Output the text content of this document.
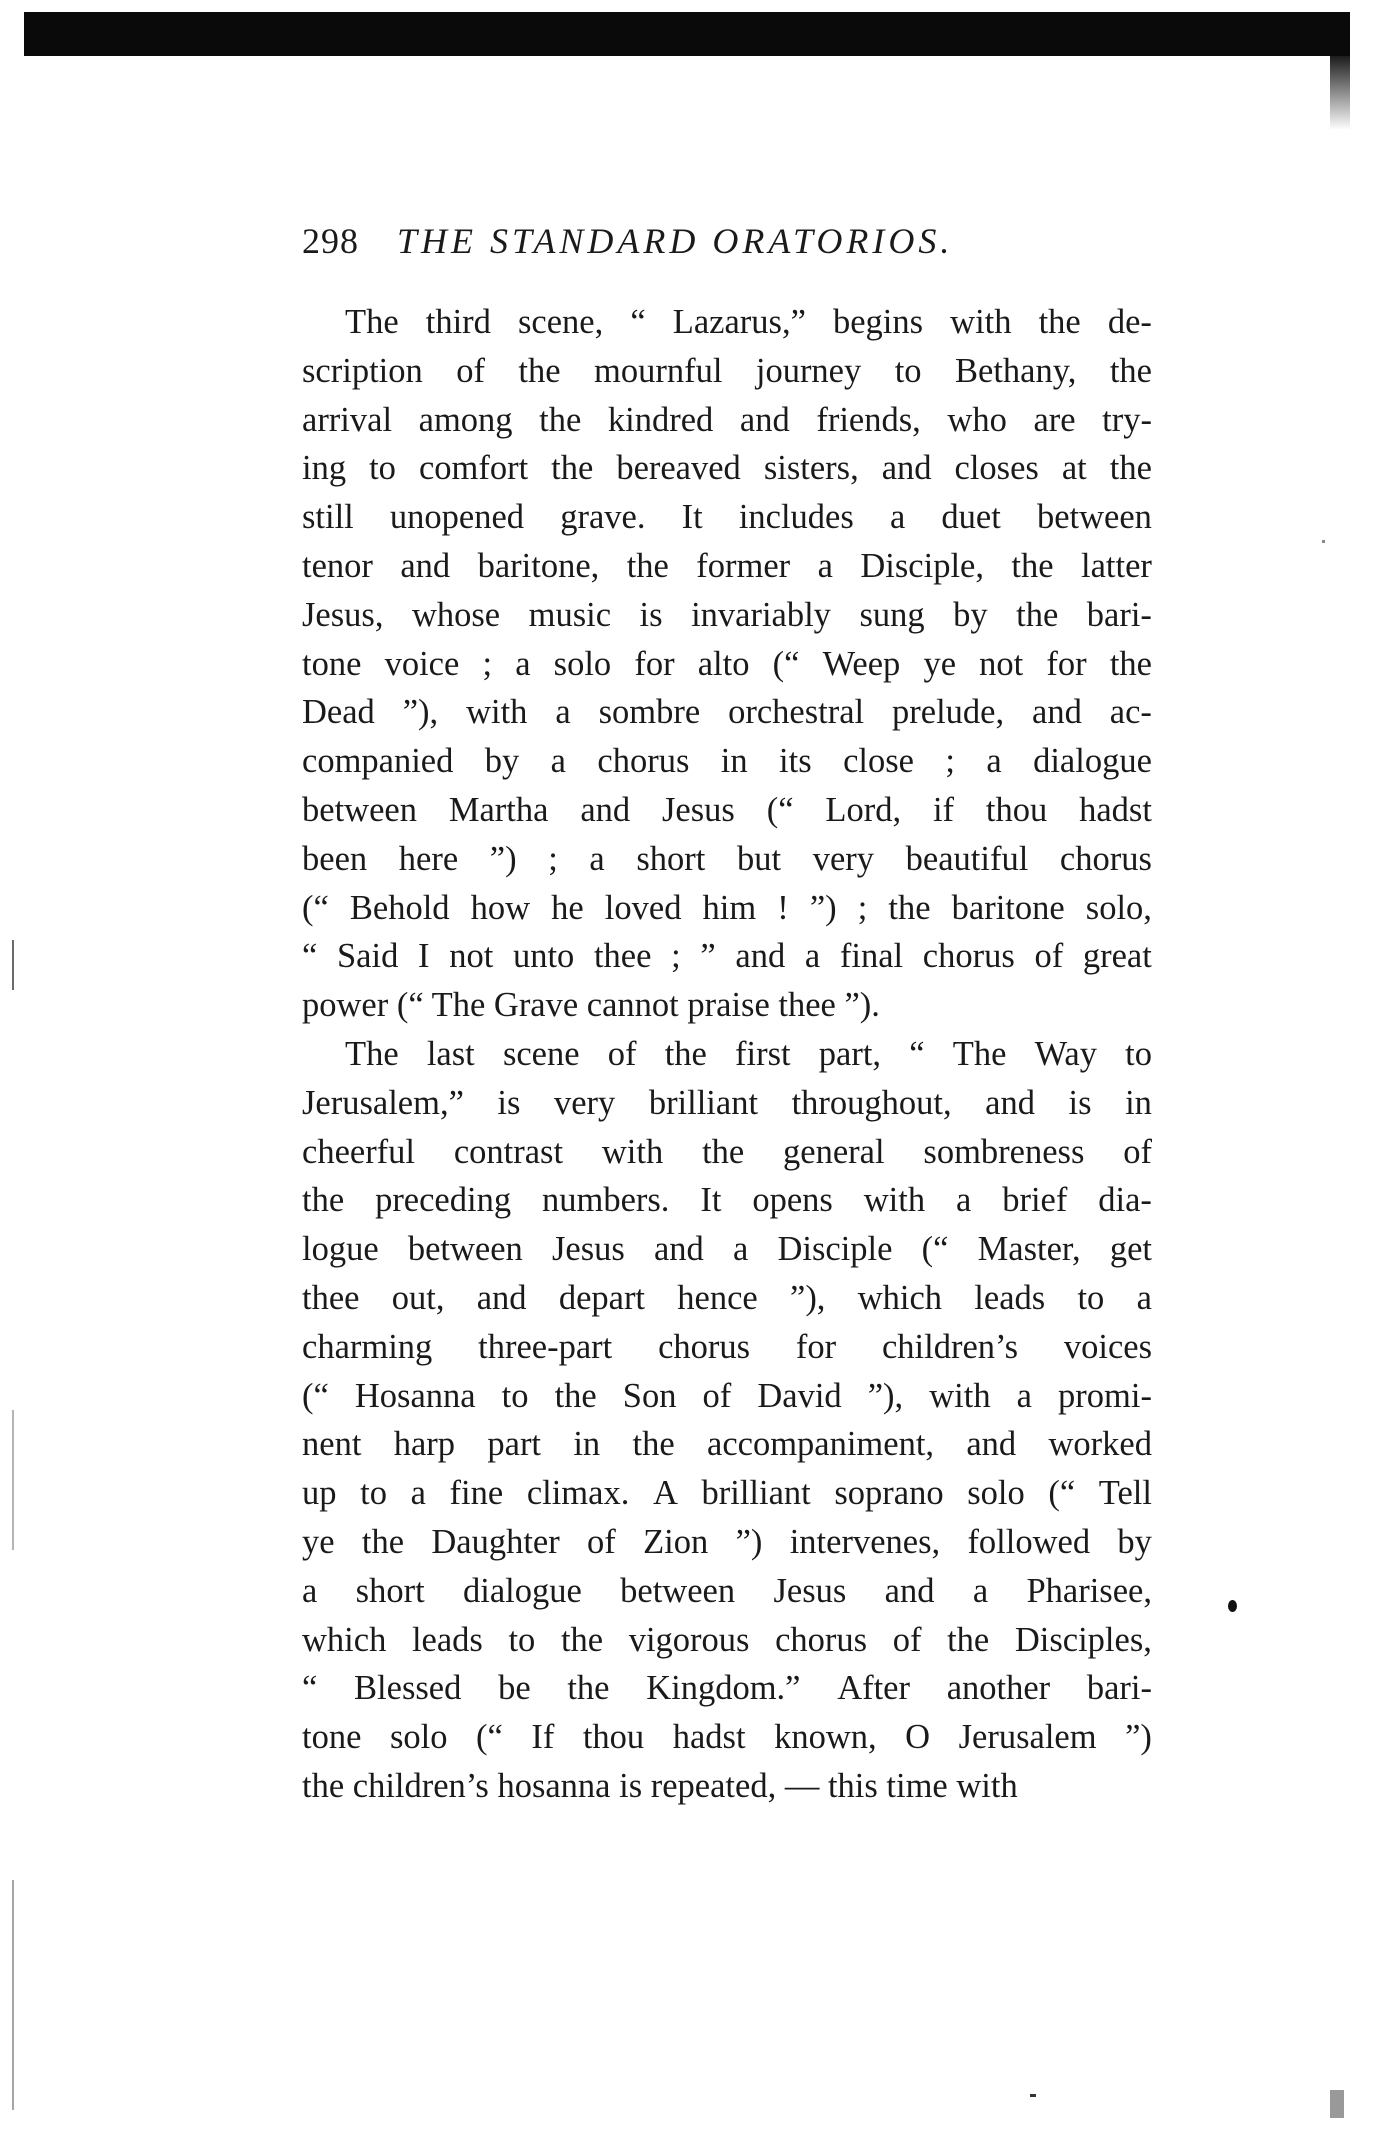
298 THE STANDARD ORATORIOS.
The third scene, “ Lazarus,” begins with the de-
scription of the mournful journey to Bethany, the
arrival among the kindred and friends, who are try-
ing to comfort the bereaved sisters, and closes at the
still unopened grave. It includes a duet between
tenor and baritone, the former a Disciple, the latter
Jesus, whose music is invariably sung by the bari-
tone voice ; a solo for alto (“ Weep ye not for the
Dead ”), with a sombre orchestral prelude, and ac-
companied by a chorus in its close ; a dialogue
between Martha and Jesus (“ Lord, if thou hadst
been here ”) ; a short but very beautiful chorus
(“ Behold how he loved him ! ”) ; the baritone solo,
“ Said I not unto thee ; ” and a final chorus of great
power (“ The Grave cannot praise thee ”).
The last scene of the first part, “ The Way to
Jerusalem,” is very brilliant throughout, and is in
cheerful contrast with the general sombreness of
the preceding numbers. It opens with a brief dia-
logue between Jesus and a Disciple (“ Master, get
thee out, and depart hence ”), which leads to a
charming three-part chorus for children’s voices
(“ Hosanna to the Son of David ”), with a promi-
nent harp part in the accompaniment, and worked
up to a fine climax. A brilliant soprano solo (“ Tell
ye the Daughter of Zion ”) intervenes, followed by
a short dialogue between Jesus and a Pharisee,
which leads to the vigorous chorus of the Disciples,
“ Blessed be the Kingdom.” After another bari-
tone solo (“ If thou hadst known, O Jerusalem ”)
the children’s hosanna is repeated, — this time with
